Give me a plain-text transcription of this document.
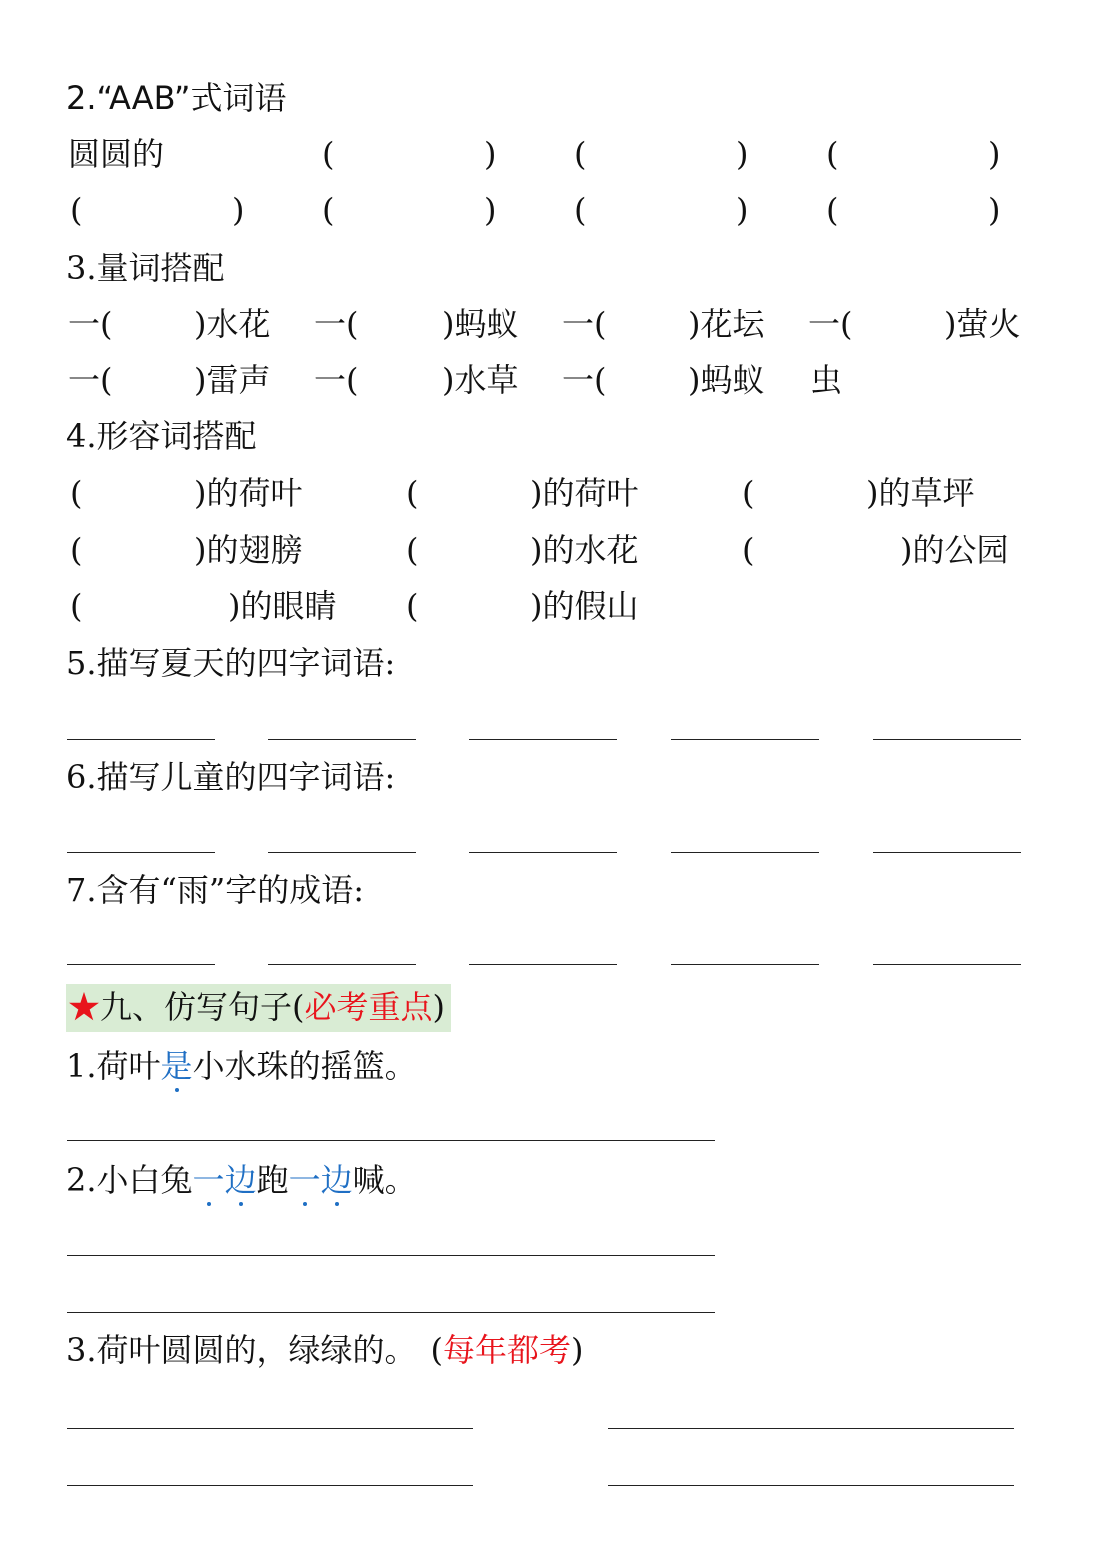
2.“AAB”式词语
圆圆的	(	) (	) (	)
(	) (	) (	) (	)
3.量词搭配
一(	)水花 一(	)蚂蚁 一(	)花坛 一(	)萤火
一(	)雷声 一(	)水草 一(	)蚂蚁 虫
4.形容词搭配
(	)的荷叶	(	)的荷叶	(	)的草坪
(	)的翅膀	(	)的水花	(	)的公园
(	)的眼睛 (	)的假山
5.描写夏天的四字词语:
6.描写儿童的四字词语:
7.含有“雨”字的成语:
★九、仿写句子(必考重点)
1.荷叶是小水珠的摇篮。
2.小白兔一边跑一边喊。
3.荷叶圆圆的，绿绿的。 (每年都考)
